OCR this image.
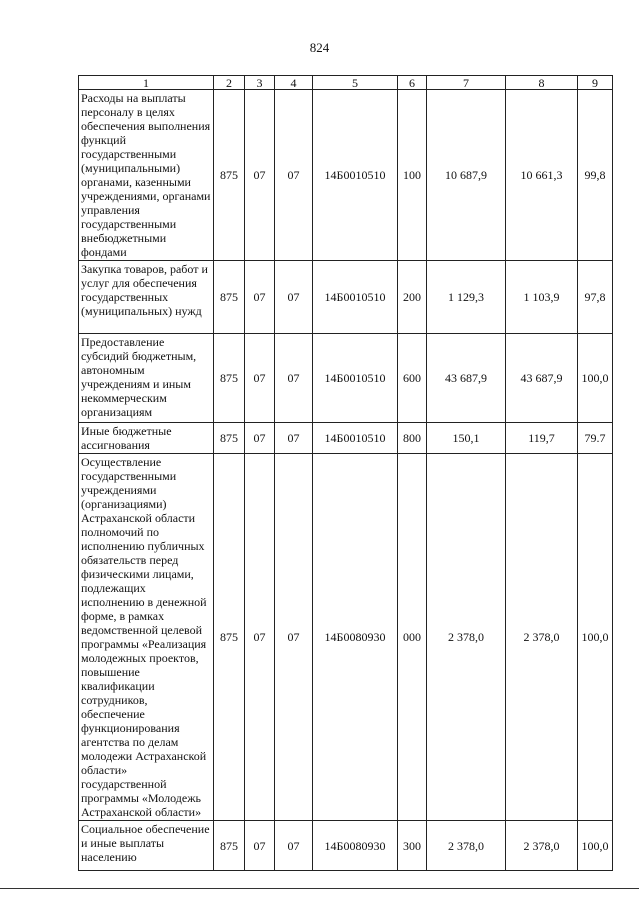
824
1	2	3	4	5	6	7	8	9
Расходы на выплаты персоналу в целях обеспечения выполнения функций государственными (муниципальными) органами, казенными учреждениями, органами управления государственными внебюджетными фондами	875	07	07	14Б0010510	100	10 687,9	10 661,3	99,8
Закупка товаров, работ и услуг для обеспечения государственных (муниципальных) нужд	875	07	07	14Б0010510	200	1 129,3	1 103,9	97,8
Предоставление субсидий бюджетным, автономным учреждениям и иным некоммерческим организациям	875	07	07	14Б0010510	600	43 687,9	43 687,9	100,0
Иные бюджетные ассигнования	875	07	07	14Б0010510	800	150,1	119,7	79.7
Осуществление государственными учреждениями (организациями) Астраханской области полномочий по исполнению публичных обязательств перед физическими лицами, подлежащих исполнению в денежной форме, в рамках ведомственной целевой программы «Реализация молодежных проектов, повышение квалификации сотрудников, обеспечение функционирования агентства по делам молодежи Астраханской области» государственной программы «Молодежь Астраханской области»	875	07	07	14Б0080930	000	2 378,0	2 378,0	100,0
Социальное обеспечение и иные выплаты населению	875	07	07	14Б0080930	300	2 378,0	2 378,0	100,0
